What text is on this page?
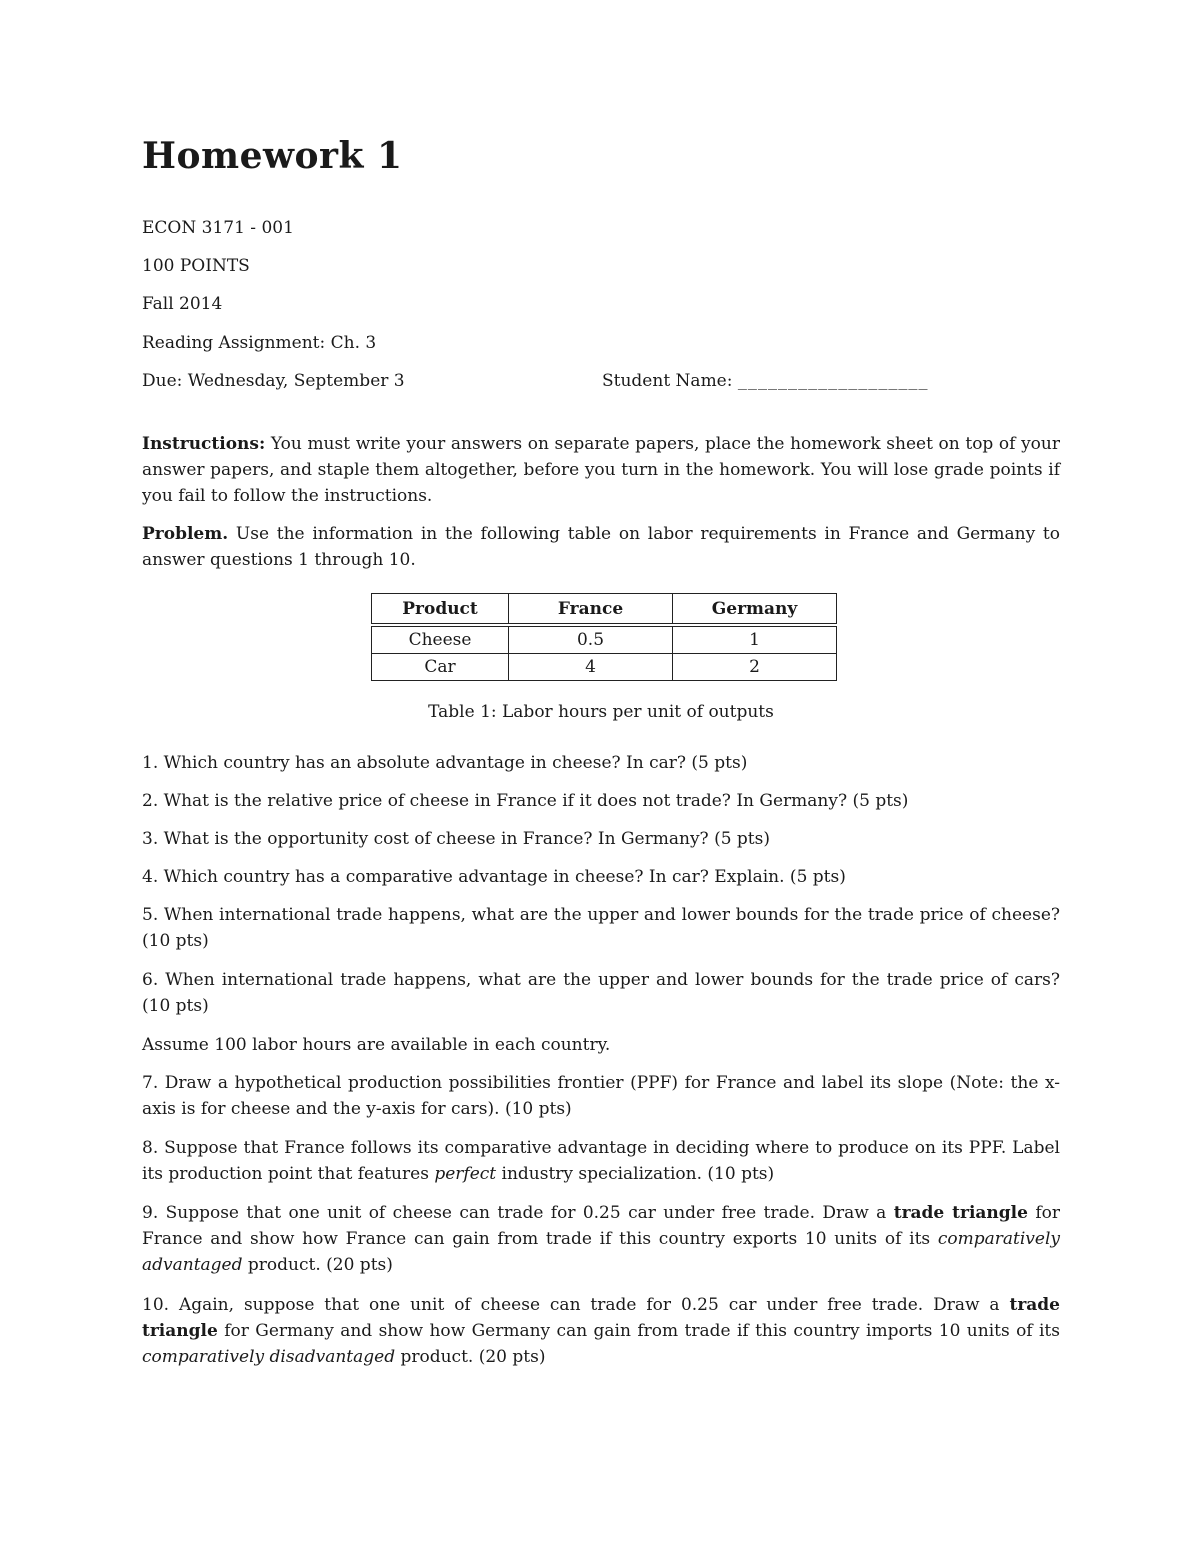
Homework 1

ECON 3171 - 001

100 POINTS

Fall 2014

Reading Assignment: Ch. 3

Due: Wednesday, September 3	Student Name: ___________________

Instructions: You must write your answers on separate papers, place the homework sheet on top of your answer papers, and staple them altogether, before you turn in the homework. You will lose grade points if you fail to follow the instructions.

Problem. Use the information in the following table on labor requirements in France and Germany to answer questions 1 through 10.

Product	France	Germany
Cheese	0.5	1
Car	4	2
Table 1: Labor hours per unit of outputs

1. Which country has an absolute advantage in cheese? In car? (5 pts)

2. What is the relative price of cheese in France if it does not trade? In Germany? (5 pts)

3. What is the opportunity cost of cheese in France? In Germany? (5 pts)

4. Which country has a comparative advantage in cheese? In car? Explain. (5 pts)

5. When international trade happens, what are the upper and lower bounds for the trade price of cheese? (10 pts)

6. When international trade happens, what are the upper and lower bounds for the trade price of cars? (10 pts)

Assume 100 labor hours are available in each country.

7. Draw a hypothetical production possibilities frontier (PPF) for France and label its slope (Note: the x-axis is for cheese and the y-axis for cars). (10 pts)

8. Suppose that France follows its comparative advantage in deciding where to produce on its PPF. Label its production point that features perfect industry specialization. (10 pts)

9. Suppose that one unit of cheese can trade for 0.25 car under free trade. Draw a trade triangle for France and show how France can gain from trade if this country exports 10 units of its comparatively advantaged product. (20 pts)

10. Again, suppose that one unit of cheese can trade for 0.25 car under free trade. Draw a trade triangle for Germany and show how Germany can gain from trade if this country imports 10 units of its comparatively disadvantaged product. (20 pts)
